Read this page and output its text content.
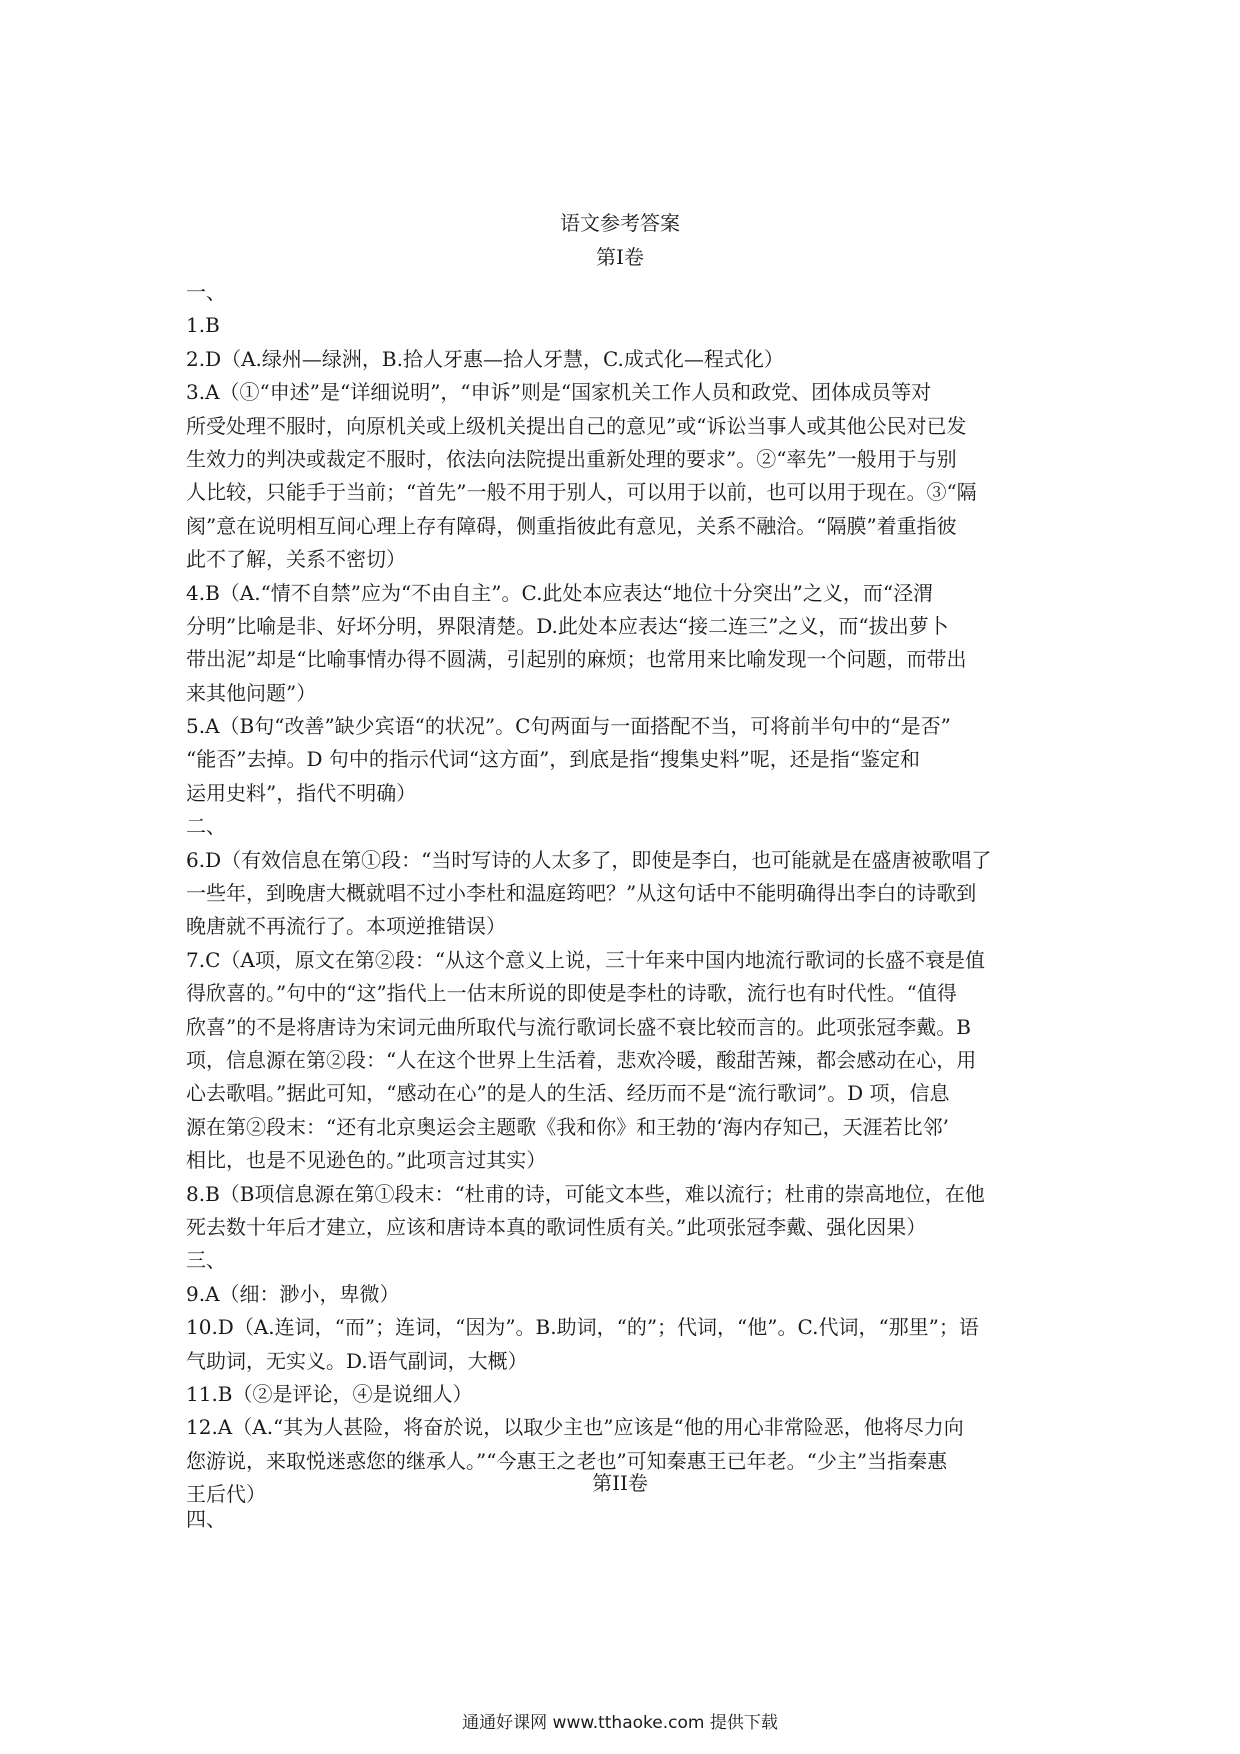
语文参考答案
第Ⅰ卷
一、
1.B
2.D（A.绿州—绿洲，B.拾人牙惠—拾人牙慧，C.成式化—程式化）
3.A（①“申述”是“详细说明”，“申诉”则是“国家机关工作人员和政党、团体成员等对
所受处理不服时，向原机关或上级机关提出自己的意见”或“诉讼当事人或其他公民对已发
生效力的判决或裁定不服时，依法向法院提出重新处理的要求”。②“率先”一般用于与别
人比较，只能手于当前；“首先”一般不用于别人，可以用于以前，也可以用于现在。③“隔
阂”意在说明相互间心理上存有障碍，侧重指彼此有意见，关系不融洽。“隔膜”着重指彼
此不了解，关系不密切）
4.B（A.“情不自禁”应为“不由自主”。C.此处本应表达“地位十分突出”之义，而“泾渭
分明”比喻是非、好坏分明，界限清楚。D.此处本应表达“接二连三”之义，而“拔出萝卜
带出泥”却是“比喻事情办得不圆满，引起别的麻烦；也常用来比喻发现一个问题，而带出
来其他问题”）
5.A（B句“改善”缺少宾语“的状况”。C句两面与一面搭配不当，可将前半句中的“是否”
“能否”去掉。D 句中的指示代词“这方面”，到底是指“搜集史料”呢，还是指“鉴定和
运用史料”，指代不明确）
二、
6.D（有效信息在第①段：“当时写诗的人太多了，即使是李白，也可能就是在盛唐被歌唱了
一些年，到晚唐大概就唱不过小李杜和温庭筠吧？”从这句话中不能明确得出李白的诗歌到
晚唐就不再流行了。本项逆推错误）
7.C（A项，原文在第②段：“从这个意义上说，三十年来中国内地流行歌词的长盛不衰是值
得欣喜的。”句中的“这”指代上一估末所说的即使是李杜的诗歌，流行也有时代性。“值得
欣喜”的不是将唐诗为宋词元曲所取代与流行歌词长盛不衰比较而言的。此项张冠李戴。B
项，信息源在第②段：“人在这个世界上生活着，悲欢冷暖，酸甜苦辣，都会感动在心，用
心去歌唱。”据此可知，“感动在心”的是人的生活、经历而不是“流行歌词”。D 项，信息
源在第②段末：“还有北京奥运会主题歌《我和你》和王勃的‘海内存知己，天涯若比邻’
相比，也是不见逊色的。”此项言过其实）
8.B（B项信息源在第①段末：“杜甫的诗，可能文本些，难以流行；杜甫的崇高地位，在他
死去数十年后才建立，应该和唐诗本真的歌词性质有关。”此项张冠李戴、强化因果）
三、
9.A（细：渺小，卑微）
10.D（A.连词，“而”；连词，“因为”。B.助词，“的”；代词，“他”。C.代词，“那里”；语
气助词，无实义。D.语气副词，大概）
11.B（②是评论，④是说细人）
12.A（A.“其为人甚险，将奋於说，以取少主也”应该是“他的用心非常险恶，他将尽力向
您游说，来取悦迷惑您的继承人。”“今惠王之老也”可知秦惠王已年老。“少主”当指秦惠
王后代）	第II卷
四、
通通好课网 www.tthaoke.com 提供下载
